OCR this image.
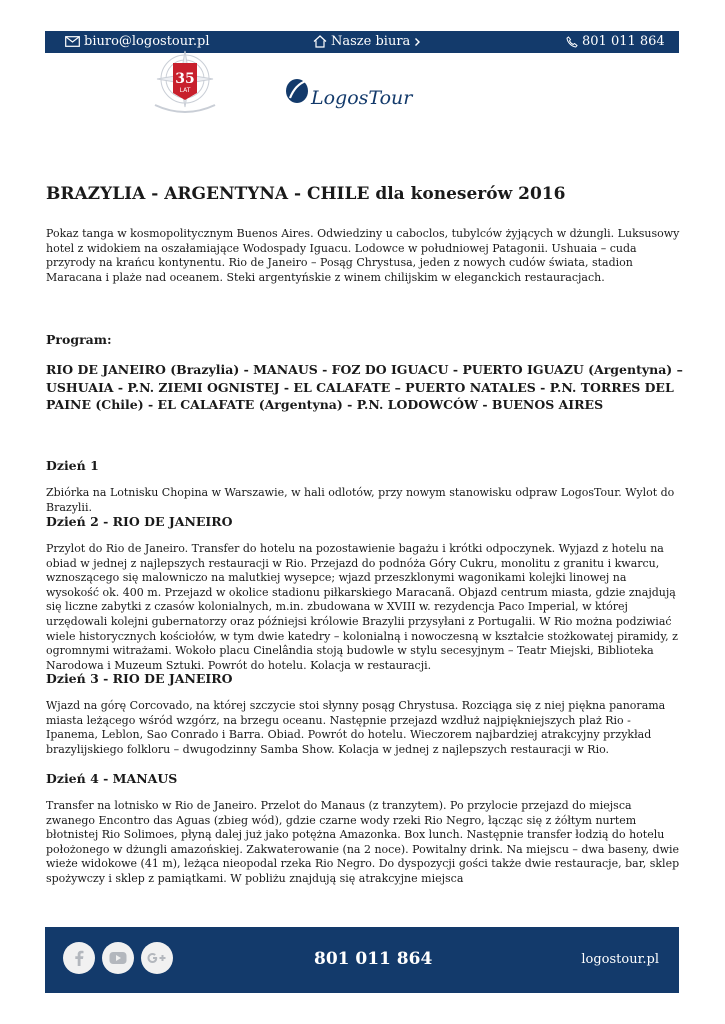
biuro@logostour.pl	Nasze biura	801 011 864
35
LAT	LogosTour
BRAZYLIA - ARGENTYNA - CHILE dla koneserów 2016

Pokaz tanga w kosmopolitycznym Buenos Aires. Odwiedziny u caboclos, tubylców żyjących w dżungli. Luksusowy hotel z widokiem na oszałamiające Wodospady Iguacu. Lodowce w południowej Patagonii. Ushuaia – cuda przyrody na krańcu kontynentu. Rio de Janeiro – Posąg Chrystusa, jeden z nowych cudów świata, stadion Maracana i plaże nad oceanem. Steki argentyńskie z winem chilijskim w eleganckich restauracjach.

Program:
RIO DE JANEIRO (Brazylia) - MANAUS - FOZ DO IGUACU - PUERTO IGUAZU (Argentyna) – USHUAIA - P.N. ZIEMI OGNISTEJ - EL CALAFATE – PUERTO NATALES - P.N. TORRES DEL PAINE (Chile) - EL CALAFATE (Argentyna) - P.N. LODOWCÓW - BUENOS AIRES
Dzień 1
Zbiórka na Lotnisku Chopina w Warszawie, w hali odlotów, przy nowym stanowisku odpraw LogosTour. Wylot do Brazylii.
Dzień 2 - RIO DE JANEIRO
Przylot do Rio de Janeiro. Transfer do hotelu na pozostawienie bagażu i krótki odpoczynek. Wyjazd z hotelu na obiad w jednej z najlepszych restauracji w Rio. Przejazd do podnóża Góry Cukru, monolitu z granitu i kwarcu, wznoszącego się malowniczo na malutkiej wysepce; wjazd przeszklonymi wagonikami kolejki linowej na wysokość ok. 400 m. Przejazd w okolice stadionu piłkarskiego Maracanã. Objazd centrum miasta, gdzie znajdują się liczne zabytki z czasów kolonialnych, m.in. zbudowana w XVIII w. rezydencja Paco Imperial, w której urzędowali kolejni gubernatorzy oraz późniejsi królowie Brazylii przysyłani z Portugalii. W Rio można podziwiać wiele historycznych kościołów, w tym dwie katedry – kolonialną i nowoczesną w kształcie stożkowatej piramidy, z ogromnymi witrażami. Wokoło placu Cinelândia stoją budowle w stylu secesyjnym – Teatr Miejski, Biblioteka Narodowa i Muzeum Sztuki. Powrót do hotelu. Kolacja w restauracji.
Dzień 3 - RIO DE JANEIRO
Wjazd na górę Corcovado, na której szczycie stoi słynny posąg Chrystusa. Rozciąga się z niej piękna panorama miasta leżącego wśród wzgórz, na brzegu oceanu. Następnie przejazd wzdłuż najpiękniejszych plaż Rio - Ipanema, Leblon, Sao Conrado i Barra. Obiad. Powrót do hotelu. Wieczorem najbardziej atrakcyjny przykład brazylijskiego folkloru – dwugodzinny Samba Show. Kolacja w jednej z najlepszych restauracji w Rio.
Dzień 4 - MANAUS
Transfer na lotnisko w Rio de Janeiro. Przelot do Manaus (z tranzytem). Po przylocie przejazd do miejsca zwanego Encontro das Aguas (zbieg wód), gdzie czarne wody rzeki Rio Negro, łącząc się z żółtym nurtem błotnistej Rio Solimoes, płyną dalej już jako potężna Amazonka. Box lunch. Następnie transfer łodzią do hotelu położonego w dżungli amazońskiej. Zakwaterowanie (na 2 noce). Powitalny drink. Na miejscu – dwa baseny, dwie wieże widokowe (41 m), leżąca nieopodal rzeka Rio Negro. Do dyspozycji gości także dwie restauracje, bar, sklep spożywczy i sklep z pamiątkami. W pobliżu znajdują się atrakcyjne miejsca
801 011 864	logostour.pl
